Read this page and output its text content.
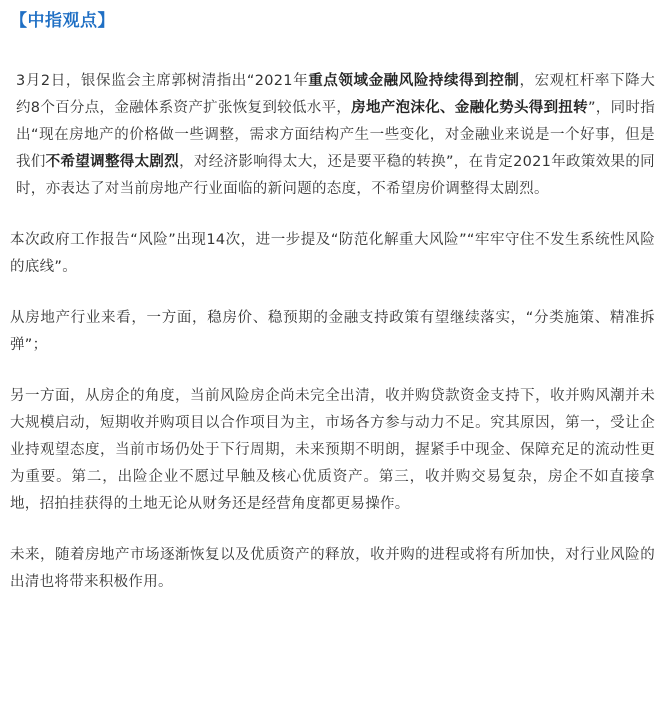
【中指观点】

3月2日，银保监会主席郭树清指出“2021年重点领域金融风险持续得到控制，宏观杠杆率下降大约8个百分点，金融体系资产扩张恢复到较低水平，房地产泡沫化、金融化势头得到扭转”，同时指出“现在房地产的价格做一些调整，需求方面结构产生一些变化，对金融业来说是一个好事，但是我们不希望调整得太剧烈，对经济影响得太大，还是要平稳的转换”，在肯定2021年政策效果的同时，亦表达了对当前房地产行业面临的新问题的态度，不希望房价调整得太剧烈。

本次政府工作报告“风险”出现14次，进一步提及“防范化解重大风险”“牢牢守住不发生系统性风险的底线”。

从房地产行业来看，一方面，稳房价、稳预期的金融支持政策有望继续落实，“分类施策、精准拆弹”；

另一方面，从房企的角度，当前风险房企尚未完全出清，收并购贷款资金支持下，收并购风潮并未大规模启动，短期收并购项目以合作项目为主，市场各方参与动力不足。究其原因，第一，受让企业持观望态度，当前市场仍处于下行周期，未来预期不明朗，握紧手中现金、保障充足的流动性更为重要。第二，出险企业不愿过早触及核心优质资产。第三，收并购交易复杂，房企不如直接拿地，招拍挂获得的土地无论从财务还是经营角度都更易操作。

未来，随着房地产市场逐渐恢复以及优质资产的释放，收并购的进程或将有所加快，对行业风险的出清也将带来积极作用。
